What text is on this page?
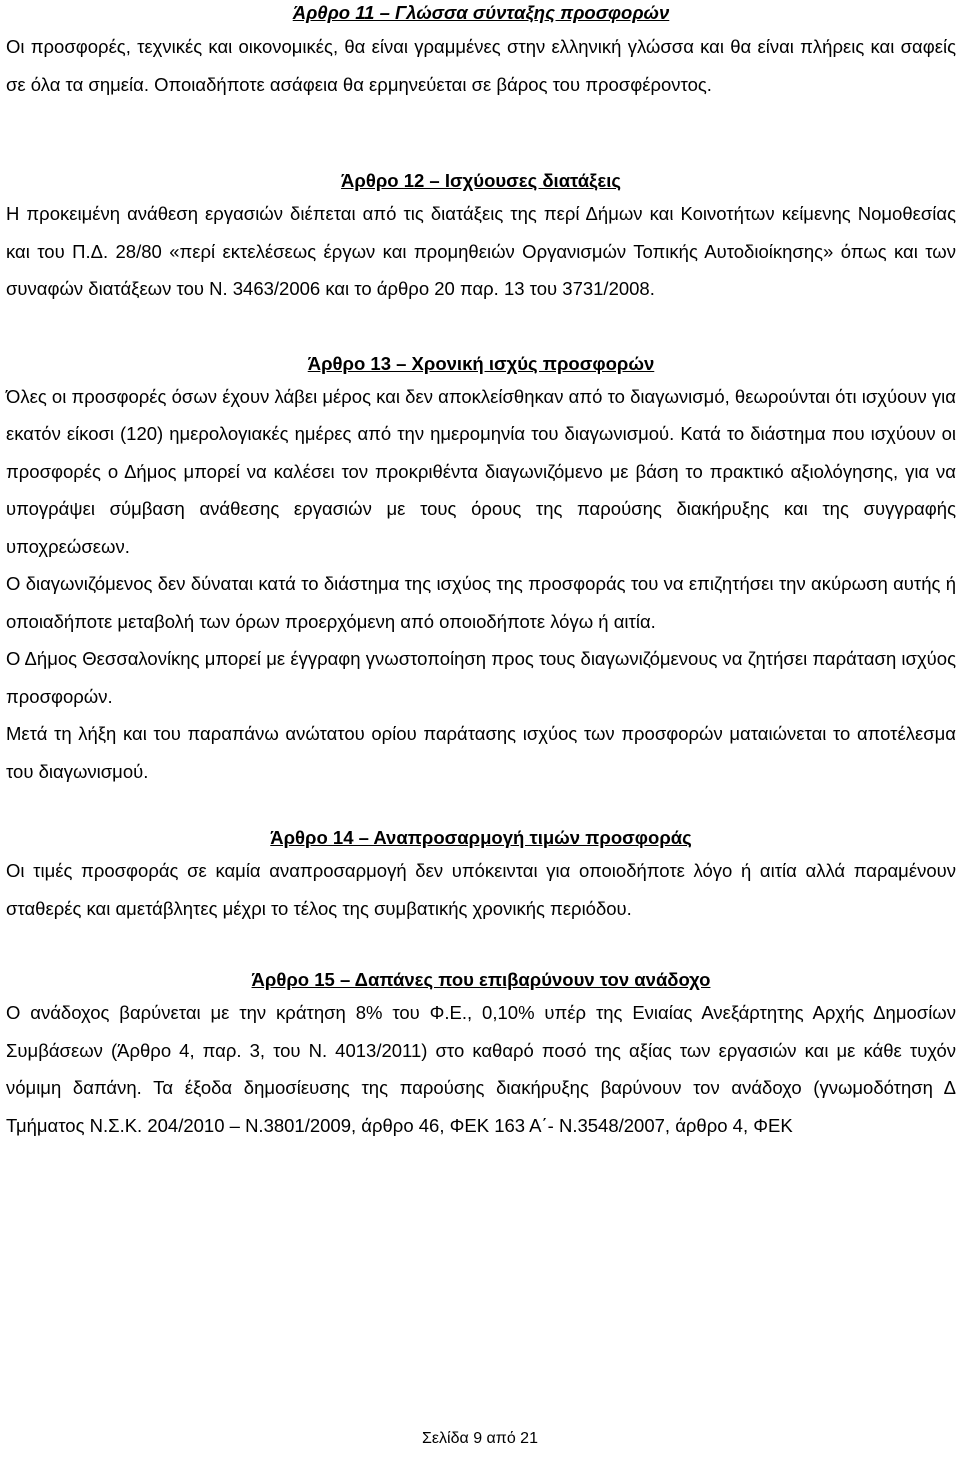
Άρθρο 11 – Γλώσσα σύνταξης προσφορών

Οι προσφορές, τεχνικές και οικονομικές, θα είναι γραμμένες στην ελληνική γλώσσα και θα είναι πλήρεις και σαφείς σε όλα τα σημεία. Οποιαδήποτε ασάφεια θα ερμηνεύεται σε βάρος του προσφέροντος.

Άρθρο 12 – Ισχύουσες διατάξεις

Η προκειμένη ανάθεση εργασιών διέπεται από τις διατάξεις της περί Δήμων και Κοινοτήτων κείμενης Νομοθεσίας και του Π.Δ. 28/80 «περί εκτελέσεως έργων και προμηθειών Οργανισμών Τοπικής Αυτοδιοίκησης» όπως και των συναφών διατάξεων του Ν. 3463/2006 και το άρθρο 20 παρ. 13 του 3731/2008.

Άρθρο 13 – Χρονική ισχύς προσφορών

Όλες οι προσφορές όσων έχουν λάβει μέρος και δεν αποκλείσθηκαν από το διαγωνισμό, θεωρούνται ότι ισχύουν για εκατόν είκοσι (120) ημερολογιακές ημέρες από την ημερομηνία του διαγωνισμού. Κατά το διάστημα που ισχύουν οι προσφορές ο Δήμος μπορεί να καλέσει τον προκριθέντα διαγωνιζόμενο με βάση το πρακτικό αξιολόγησης, για να υπογράψει σύμβαση ανάθεσης εργασιών με τους όρους της παρούσης διακήρυξης και της συγγραφής υποχρεώσεων.

Ο διαγωνιζόμενος δεν δύναται κατά το διάστημα της ισχύος της προσφοράς του να επιζητήσει την ακύρωση αυτής ή οποιαδήποτε μεταβολή των όρων προερχόμενη από οποιοδήποτε λόγω ή αιτία.

Ο Δήμος Θεσσαλονίκης μπορεί με έγγραφη γνωστοποίηση προς τους διαγωνιζόμενους να ζητήσει παράταση ισχύος προσφορών.

Μετά τη λήξη και του παραπάνω ανώτατου ορίου παράτασης ισχύος των προσφορών ματαιώνεται το αποτέλεσμα του διαγωνισμού.

Άρθρο 14 – Αναπροσαρμογή τιμών προσφοράς

Οι τιμές προσφοράς σε καμία αναπροσαρμογή δεν υπόκεινται για οποιοδήποτε λόγο ή αιτία αλλά παραμένουν σταθερές και αμετάβλητες μέχρι το τέλος της συμβατικής χρονικής περιόδου.

Άρθρο 15 – Δαπάνες που επιβαρύνουν τον ανάδοχο

Ο ανάδοχος βαρύνεται με την κράτηση 8% του Φ.Ε., 0,10% υπέρ της Ενιαίας Ανεξάρτητης Αρχής Δημοσίων Συμβάσεων (Άρθρο 4, παρ. 3, του Ν. 4013/2011) στο καθαρό ποσό της αξίας των εργασιών και με κάθε τυχόν νόμιμη δαπάνη. Τα έξοδα δημοσίευσης της παρούσης διακήρυξης βαρύνουν τον ανάδοχο (γνωμοδότηση Δ Τμήματος Ν.Σ.Κ. 204/2010 – Ν.3801/2009, άρθρο 46, ΦΕΚ 163 Α΄- Ν.3548/2007, άρθρο 4, ΦΕΚ

Σελίδα 9 από 21
